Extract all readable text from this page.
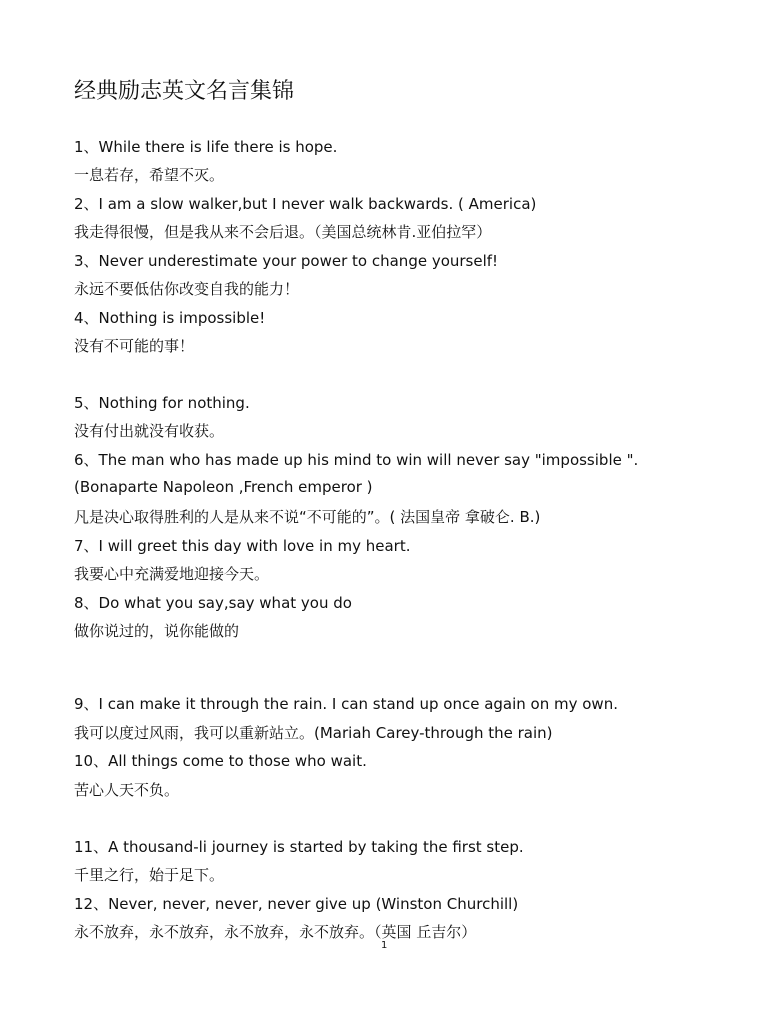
经典励志英文名言集锦
1、While there is life there is hope.
一息若存，希望不灭。
2、I am a slow walker,but I never walk backwards. ( America)
我走得很慢，但是我从来不会后退。（美国总统林肯.亚伯拉罕）
3、Never underestimate your power to change yourself!
永远不要低估你改变自我的能力！
4、Nothing is impossible!
没有不可能的事！
5、Nothing for nothing.
没有付出就没有收获。
6、The man who has made up his mind to win will never say "impossible ".
(Bonaparte Napoleon ,French emperor )
凡是决心取得胜利的人是从来不说“不可能的”。( 法国皇帝 拿破仑. B.)
7、I will greet this day with love in my heart.
我要心中充满爱地迎接今天。
8、Do what you say,say what you do
做你说过的，说你能做的
9、I can make it through the rain. I can stand up once again on my own.
我可以度过风雨，我可以重新站立。(Mariah Carey-through the rain)
10、All things come to those who wait.
苦心人天不负。
11、A thousand-li journey is started by taking the first step.
千里之行，始于足下。
12、Never, never, never, never give up (Winston Churchill)
永不放弃，永不放弃，永不放弃，永不放弃。（英国 丘吉尔）
1
